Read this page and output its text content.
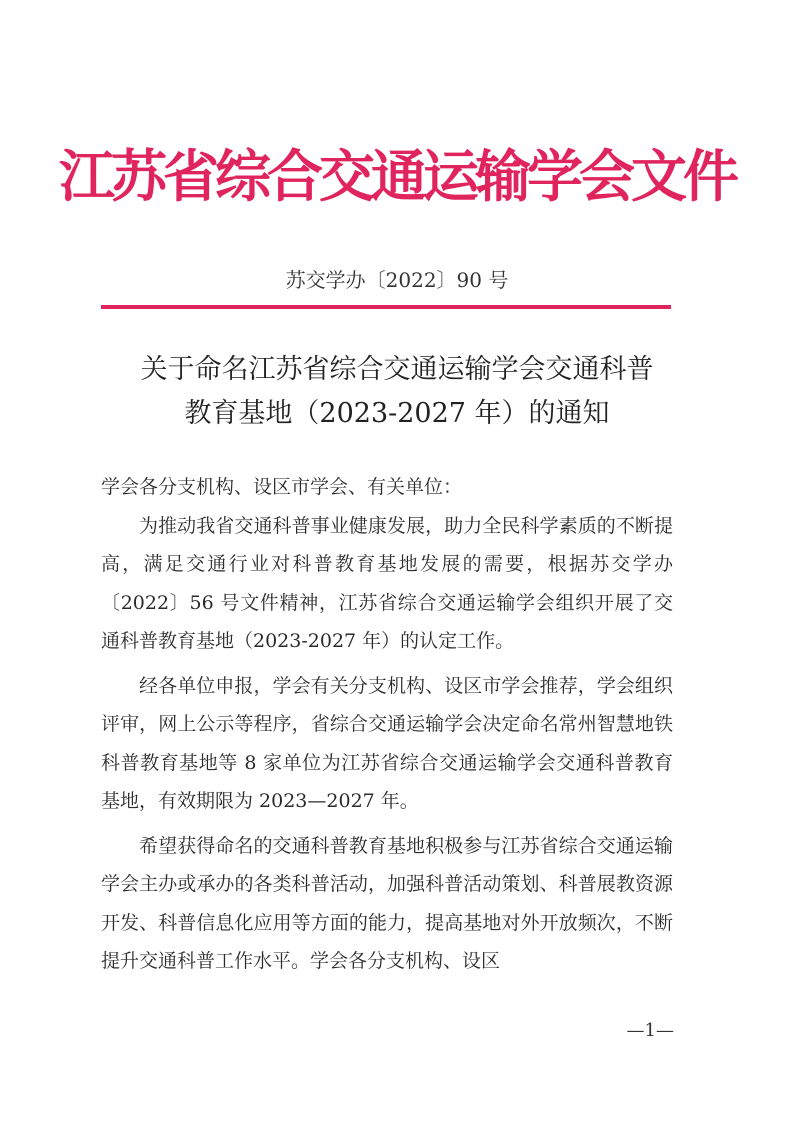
江苏省综合交通运输学会文件
苏交学办〔2022〕90 号
关于命名江苏省综合交通运输学会交通科普
教育基地（2023-2027 年）的通知

学会各分支机构、设区市学会、有关单位：

为推动我省交通科普事业健康发展，助力全民科学素质的不断提高，满足交通行业对科普教育基地发展的需要，根据苏交学办〔2022〕56 号文件精神，江苏省综合交通运输学会组织开展了交通科普教育基地（2023-2027 年）的认定工作。

经各单位申报，学会有关分支机构、设区市学会推荐，学会组织评审，网上公示等程序，省综合交通运输学会决定命名常州智慧地铁科普教育基地等 8 家单位为江苏省综合交通运输学会交通科普教育基地，有效期限为 2023—2027 年。

希望获得命名的交通科普教育基地积极参与江苏省综合交通运输学会主办或承办的各类科普活动，加强科普活动策划、科普展教资源开发、科普信息化应用等方面的能力，提高基地对外开放频次，不断提升交通科普工作水平。学会各分支机构、设区

—1—
